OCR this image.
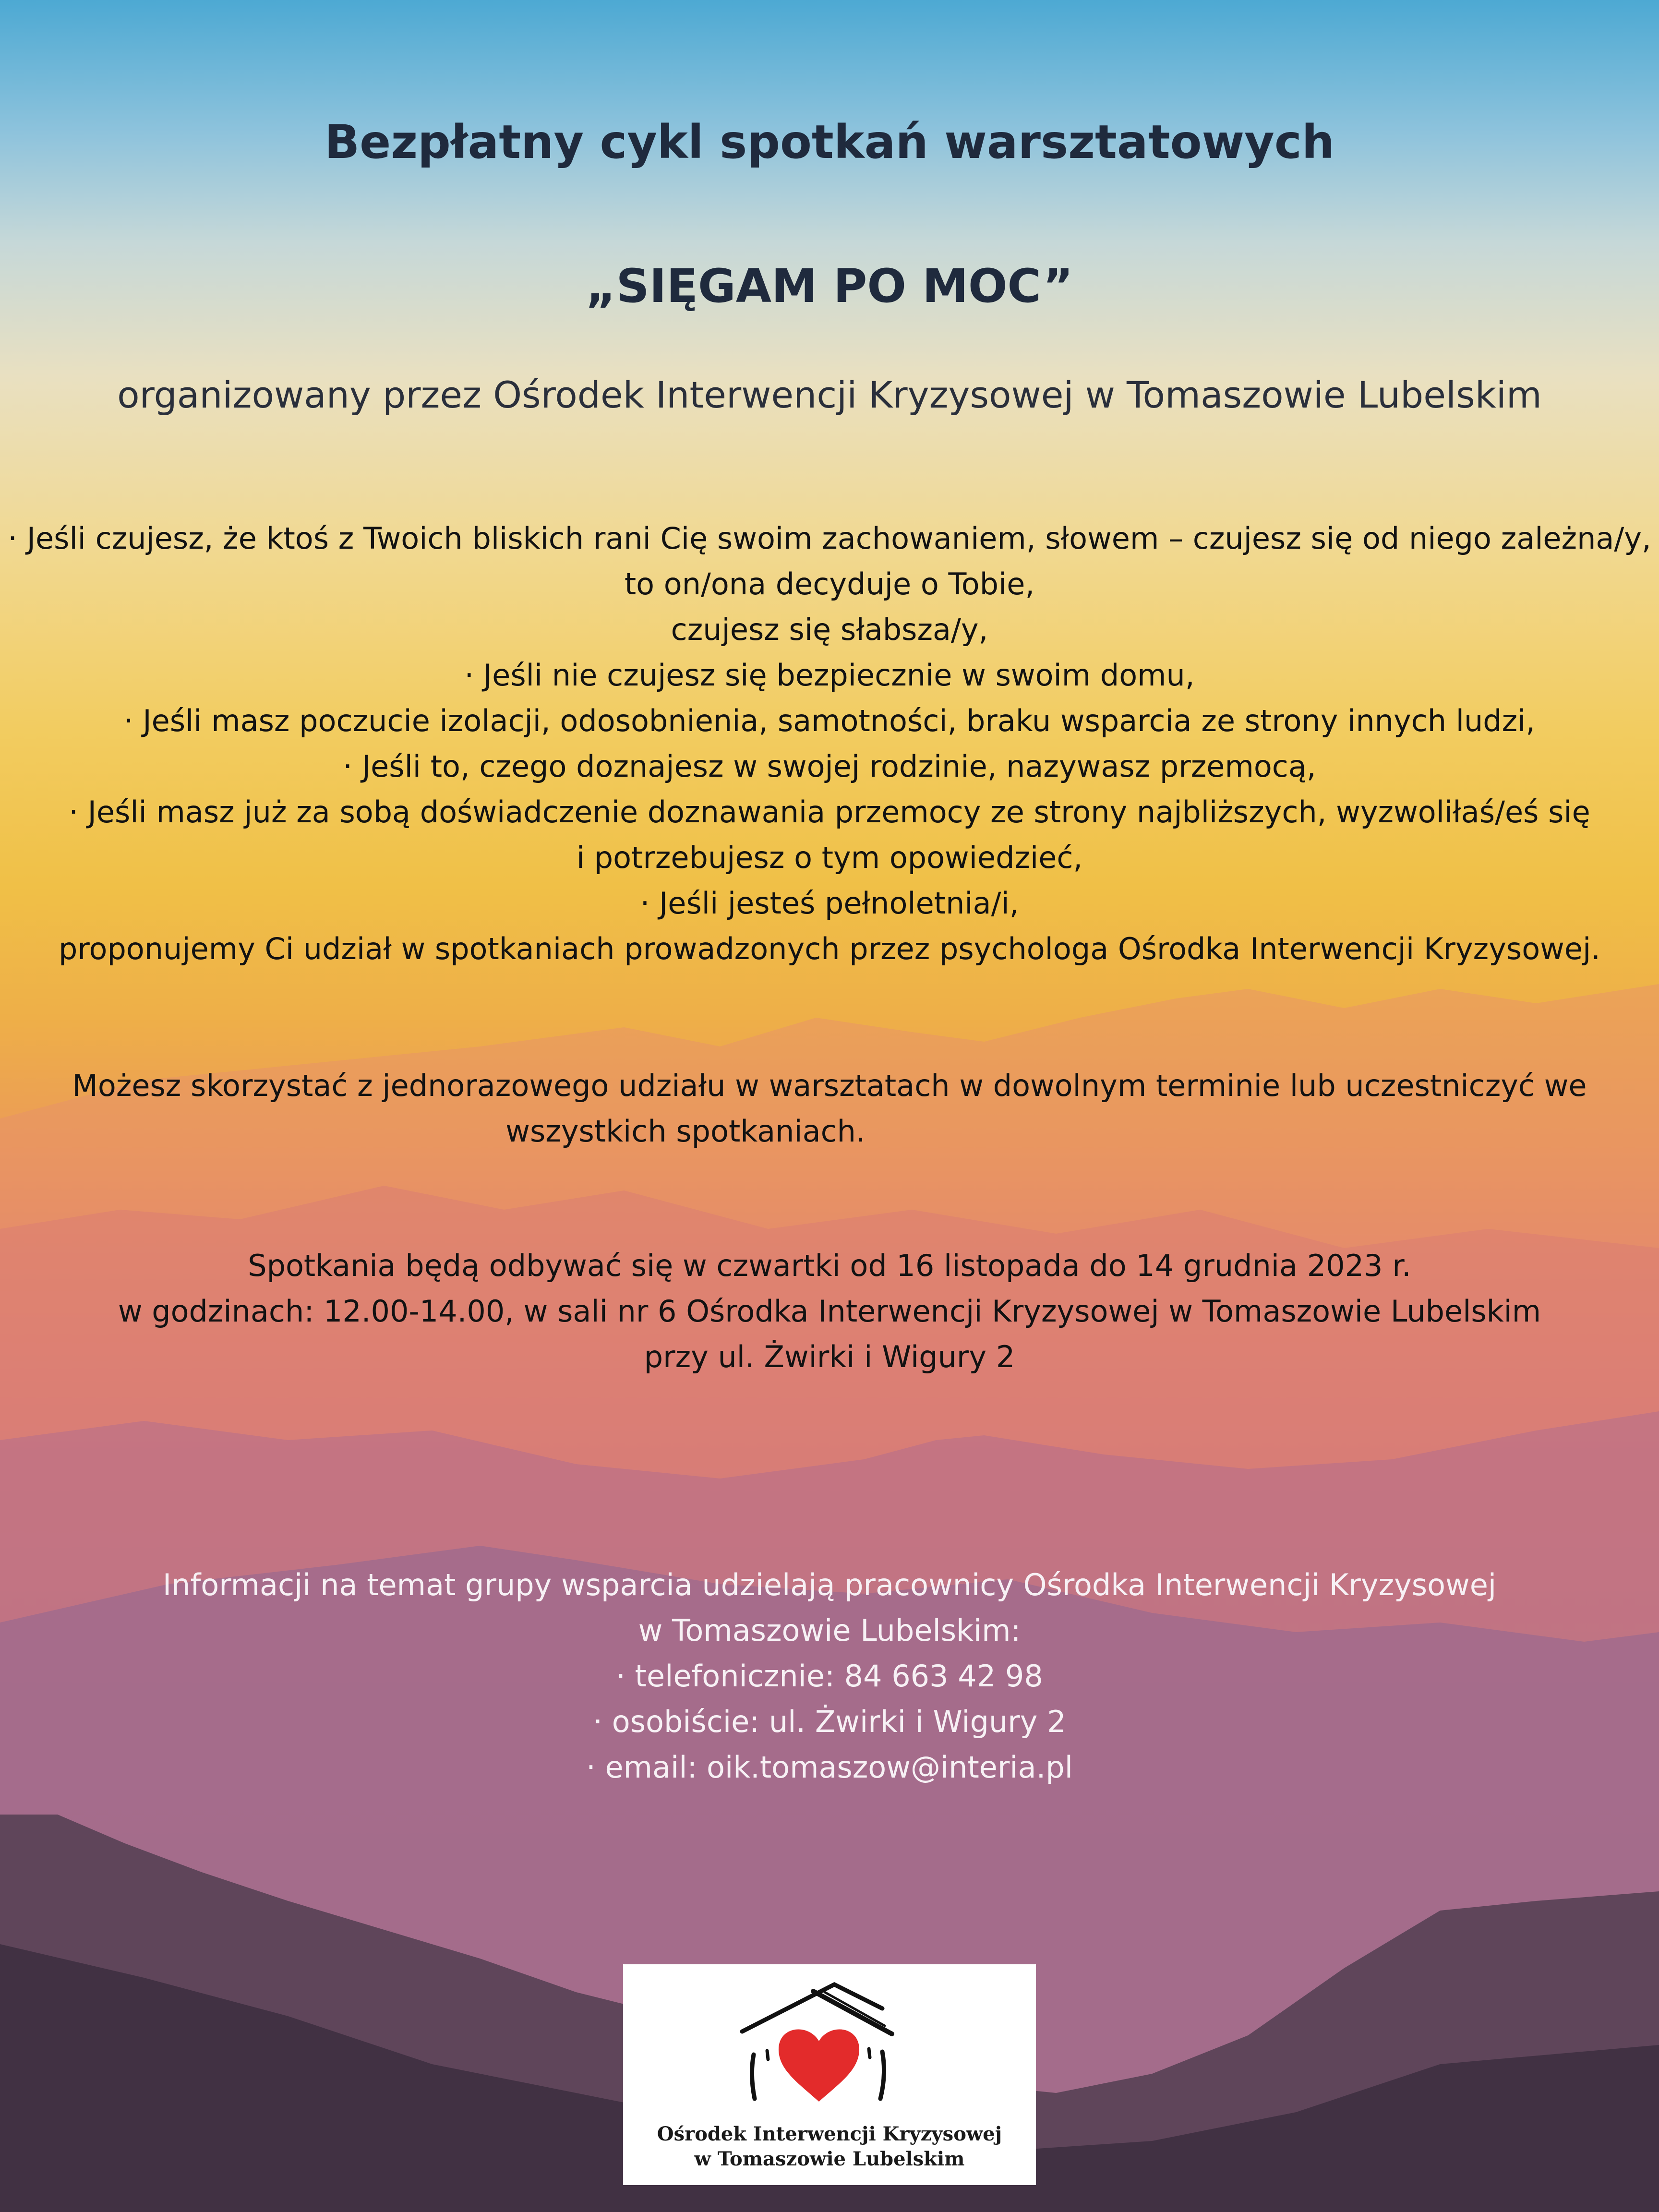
Bezpłatny cykl spotkań warsztatowych

„SIĘGAM PO MOC”

organizowany przez Ośrodek Interwencji Kryzysowej w Tomaszowie Lubelskim

· Jeśli czujesz, że ktoś z Twoich bliskich rani Cię swoim zachowaniem, słowem – czujesz się od niego zależna/y,

to on/ona decyduje o Tobie,

czujesz się słabsza/y,

· Jeśli nie czujesz się bezpiecznie w swoim domu,

· Jeśli masz poczucie izolacji, odosobnienia, samotności, braku wsparcia ze strony innych ludzi,

· Jeśli to, czego doznajesz w swojej rodzinie, nazywasz przemocą,

· Jeśli masz już za sobą doświadczenie doznawania przemocy ze strony najbliższych, wyzwoliłaś/eś się

i potrzebujesz o tym opowiedzieć,

· Jeśli jesteś pełnoletnia/i,

proponujemy Ci udział w spotkaniach prowadzonych przez psychologa Ośrodka Interwencji Kryzysowej.

Możesz skorzystać z jednorazowego udziału w warsztatach w dowolnym terminie lub uczestniczyć we

wszystkich spotkaniach.

Spotkania będą odbywać się w czwartki od 16 listopada do 14 grudnia 2023 r.

w godzinach: 12.00-14.00, w sali nr 6 Ośrodka Interwencji Kryzysowej w Tomaszowie Lubelskim

przy ul. Żwirki i Wigury 2

Informacji na temat grupy wsparcia udzielają pracownicy Ośrodka Interwencji Kryzysowej

w Tomaszowie Lubelskim:

· telefonicznie: 84 663 42 98

· osobiście: ul. Żwirki i Wigury 2

· email: oik.tomaszow@interia.pl

Ośrodek Interwencji Kryzysowej
w Tomaszowie Lubelskim
